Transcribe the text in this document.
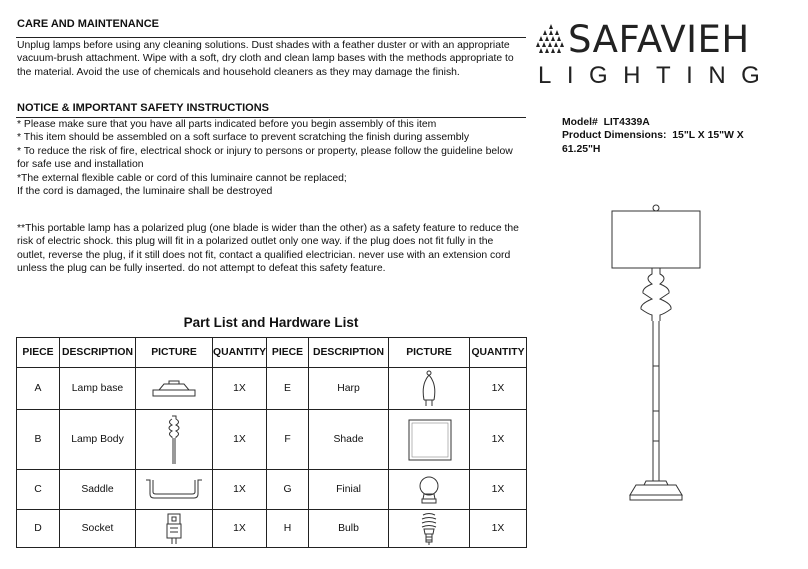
CARE AND MAINTENANCE
Unplug lamps before using any cleaning solutions. Dust shades with a feather duster or with an appropriate
vacuum-brush attachment. Wipe with a soft, dry cloth and clean lamp bases with the methods appropriate to
the material. Avoid the use of chemicals and household cleaners as they may damage the finish.
NOTICE & IMPORTANT SAFETY INSTRUCTIONS
* Please make sure that you have all parts indicated before you begin assembly of this item
* This item should be assembled on a soft surface to prevent scratching the finish during assembly
* To reduce the risk of fire, electrical shock or injury to persons or property, please follow the guideline below
for safe use and installation
*The external flexible cable or cord of this luminaire cannot be replaced;
If the cord is damaged, the luminaire shall be destroyed
**This portable lamp has a polarized plug (one blade is wider than the other) as a safety feature to reduce the
risk of electric shock. this plug will fit in a polarized outlet only one way. if the plug does not fit fully in the
outlet, reverse the plug, if it still does not fit, contact a qualified electrician. never use with an extension cord
unless the plug can be fully inserted. do not attempt to defeat this safety feature.
SAFAVIEH
LIGHTING
Model# LIT4339A
Product Dimensions: 15"L X 15"W X
61.25"H
Part List and Hardware List
PIECE	DESCRIPTION	PICTURE	QUANTITY	PIECE	DESCRIPTION	PICTURE	QUANTITY
A	Lamp base		1X	E	Harp		1X
B	Lamp Body		1X	F	Shade		1X
C	Saddle		1X	G	Finial		1X
D	Socket		1X	H	Bulb		1X
